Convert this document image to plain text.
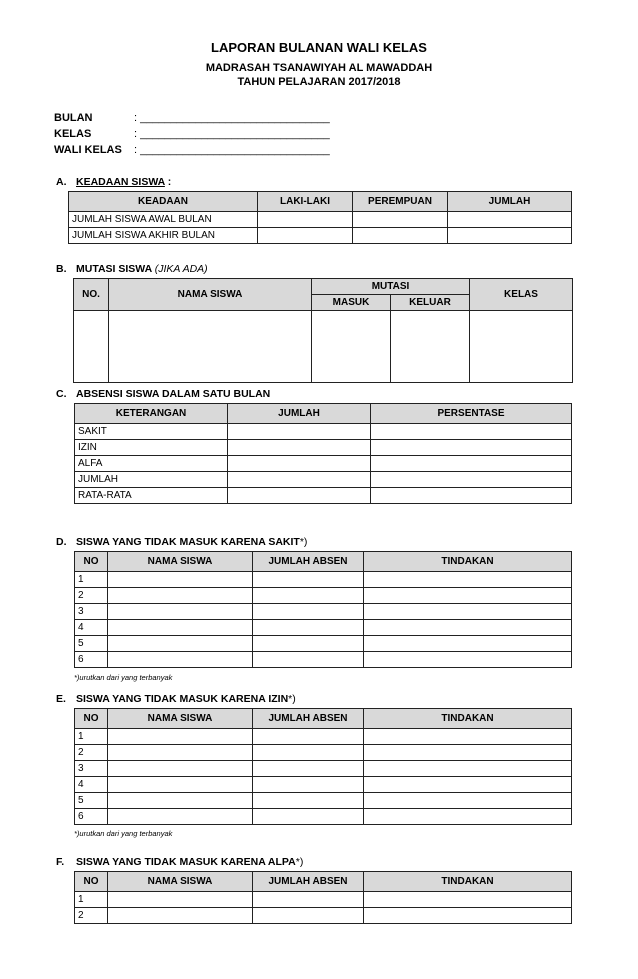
LAPORAN BULANAN WALI KELAS
MADRASAH TSANAWIYAH AL MAWADDAH
TAHUN PELAJARAN 2017/2018
BULAN	: _______________________________
KELAS	: _______________________________
WALI KELAS : _______________________________
A. KEADAAN SISWA :
KEADAAN	LAKI-LAKI	PEREMPUAN	JUMLAH
JUMLAH SISWA AWAL BULAN			
JUMLAH SISWA AKHIR BULAN			
B. MUTASI SISWA (JIKA ADA)
NO.	NAMA SISWA	MUTASI		KELAS
		MASUK	KELUAR	

C. ABSENSI SISWA DALAM SATU BULAN
KETERANGAN	JUMLAH	PERSENTASE
SAKIT		
IZIN		
ALFA		
JUMLAH		
RATA-RATA		
D. SISWA YANG TIDAK MASUK KARENA SAKIT*)
NO	NAMA SISWA	JUMLAH ABSEN	TINDAKAN
1			
2			
3			
4			
5			
6			
*)urutkan dari yang terbanyak
E. SISWA YANG TIDAK MASUK KARENA IZIN*)
NO	NAMA SISWA	JUMLAH ABSEN	TINDAKAN
1			
2			
3			
4			
5			
6			
*)urutkan dari yang terbanyak
F. SISWA YANG TIDAK MASUK KARENA ALPA*)
NO	NAMA SISWA	JUMLAH ABSEN	TINDAKAN
1			
2			
